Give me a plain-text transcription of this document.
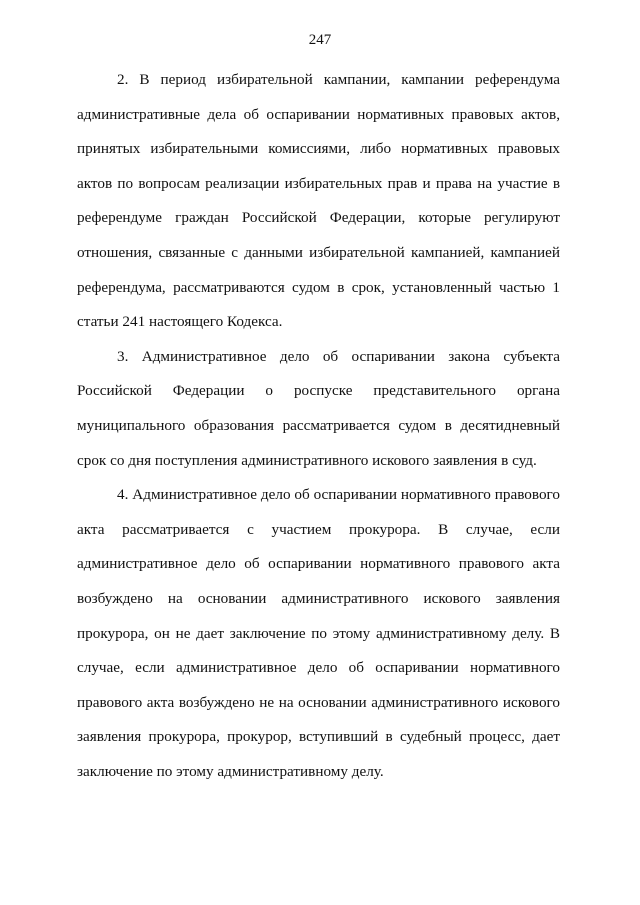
247

2. В период избирательной кампании, кампании референдума административные дела об оспаривании нормативных правовых актов, принятых избирательными комиссиями, либо нормативных правовых актов по вопросам реализации избирательных прав и права на участие в референдуме граждан Российской Федерации, которые регулируют отношения, связанные с данными избирательной кампанией, кампанией референдума, рассматриваются судом в срок, установленный частью 1 статьи 241 настоящего Кодекса.

3. Административное дело об оспаривании закона субъекта Российской Федерации о роспуске представительного органа муниципального образования рассматривается судом в десятидневный срок со дня поступления административного искового заявления в суд.

4. Административное дело об оспаривании нормативного правового акта рассматривается с участием прокурора. В случае, если административное дело об оспаривании нормативного правового акта возбуждено на основании административного искового заявления прокурора, он не дает заключение по этому административному делу. В случае, если административное дело об оспаривании нормативного правового акта возбуждено не на основании административного искового заявления прокурора, прокурор, вступивший в судебный процесс, дает заключение по этому административному делу.
